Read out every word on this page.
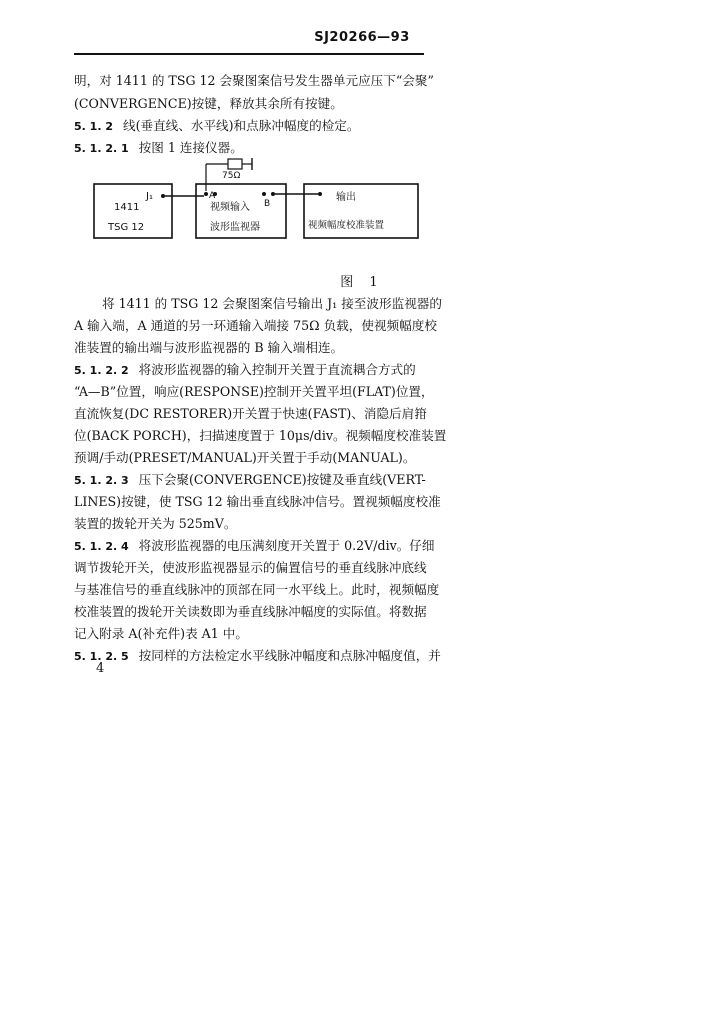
SJ20266—93
明，对 1411 的 TSG 12 会聚图案信号发生器单元应压下“会聚”
(CONVERGENCE)按键，释放其余所有按键。
5. 1. 2 线(垂直线、水平线)和点脉冲幅度的检定。
5. 1. 2. 1 按图 1 连接仪器。
1411
TSG 12
J₁
75Ω
A
B
视频输入
波形监视器
输出
视频幅度校准装置
图 1
将 1411 的 TSG 12 会聚图案信号输出 J₁ 接至波形监视器的
A 输入端，A 通道的另一环通输入端接 75Ω 负载，使视频幅度校
准装置的输出端与波形监视器的 B 输入端相连。
5. 1. 2. 2 将波形监视器的输入控制开关置于直流耦合方式的
“A—B”位置，响应(RESPONSE)控制开关置平坦(FLAT)位置，
直流恢复(DC RESTORER)开关置于快速(FAST)、消隐后肩箝
位(BACK PORCH)，扫描速度置于 10μs/div。视频幅度校准装置
预调/手动(PRESET/MANUAL)开关置于手动(MANUAL)。
5. 1. 2. 3 压下会聚(CONVERGENCE)按键及垂直线(VERT-
LINES)按键，使 TSG 12 输出垂直线脉冲信号。置视频幅度校准
装置的拨轮开关为 525mV。
5. 1. 2. 4 将波形监视器的电压满刻度开关置于 0.2V/div。仔细
调节拨轮开关，使波形监视器显示的偏置信号的垂直线脉冲底线
与基准信号的垂直线脉冲的顶部在同一水平线上。此时，视频幅度
校准装置的拨轮开关读数即为垂直线脉冲幅度的实际值。将数据
记入附录 A(补充件)表 A1 中。
5. 1. 2. 5 按同样的方法检定水平线脉冲幅度和点脉冲幅度值，并
4
